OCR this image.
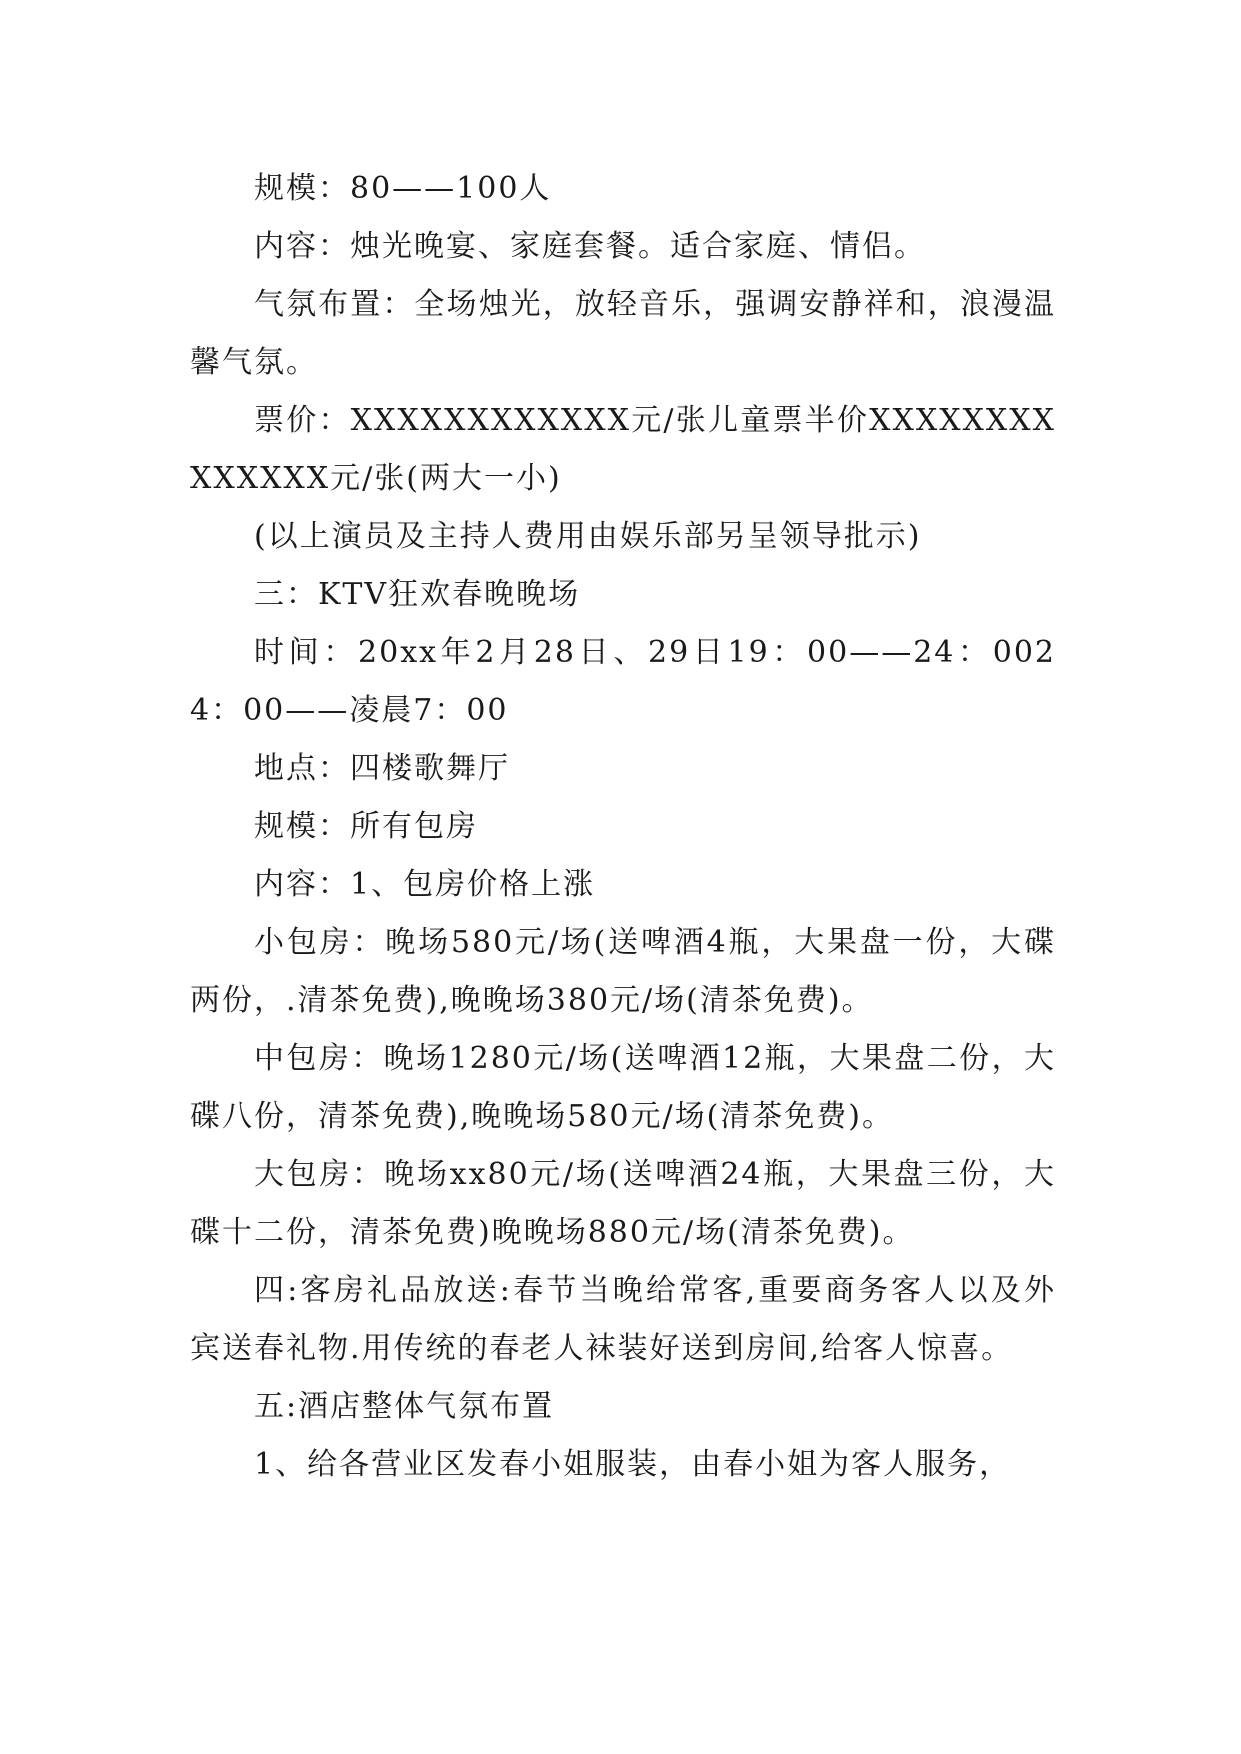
规模：80——100人

内容：烛光晚宴、家庭套餐。适合家庭、情侣。

气氛布置：全场烛光，放轻音乐，强调安静祥和，浪漫温馨气氛。

票价：XXXXXXXXXXXX元/张儿童票半价XXXXXXXXXXXXXX元/张(两大一小)

(以上演员及主持人费用由娱乐部另呈领导批示)

三：KTV狂欢春晚晚场

时间：20xx年2月28日、29日19：00——24：0024：00——凌晨7：00

地点：四楼歌舞厅

规模：所有包房

内容：1、包房价格上涨

小包房：晚场580元/场(送啤酒4瓶，大果盘一份，大碟两份，.清茶免费),晚晚场380元/场(清茶免费)。

中包房：晚场1280元/场(送啤酒12瓶，大果盘二份，大碟八份，清茶免费),晚晚场580元/场(清茶免费)。

大包房：晚场xx80元/场(送啤酒24瓶，大果盘三份，大碟十二份，清茶免费)晚晚场880元/场(清茶免费)。

四:客房礼品放送:春节当晚给常客,重要商务客人以及外宾送春礼物.用传统的春老人袜装好送到房间,给客人惊喜。

五:酒店整体气氛布置

1、给各营业区发春小姐服装，由春小姐为客人服务，
